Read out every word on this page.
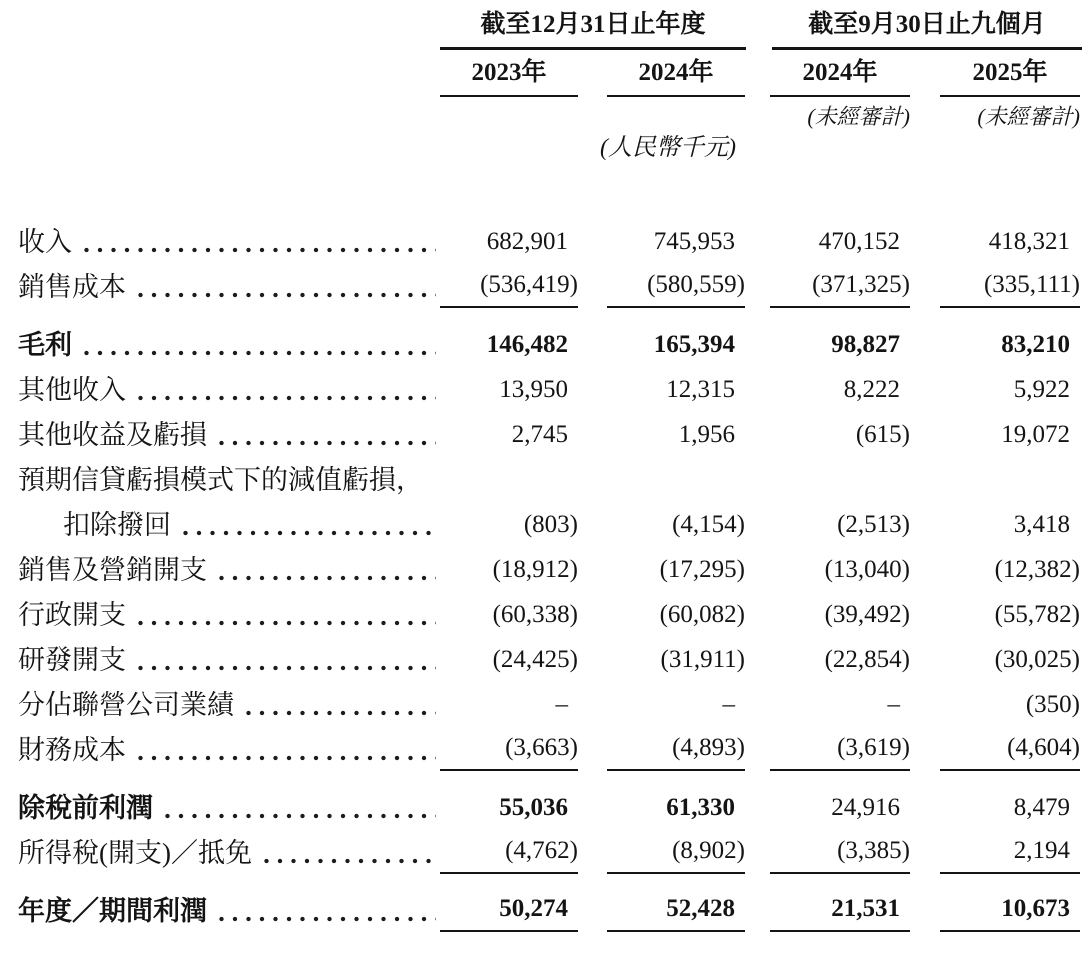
截至12月31日止年度	截至9月30日止九個月
2023年	2024年	2024年	2025年
(未經審計)	(未經審計)
(人民幣千元)
收入	682,901	745,953	470,152	418,321
銷售成本	(536,419)	(580,559)	(371,325)	(335,111)
毛利	146,482	165,394	98,827	83,210
其他收入	13,950	12,315	8,222	5,922
其他收益及虧損	2,745	1,956	(615)	19,072
預期信貸虧損模式下的減值虧損，
扣除撥回	(803)	(4,154)	(2,513)	3,418
銷售及營銷開支	(18,912)	(17,295)	(13,040)	(12,382)
行政開支	(60,338)	(60,082)	(39,492)	(55,782)
研發開支	(24,425)	(31,911)	(22,854)	(30,025)
分佔聯營公司業績	–	–	–	(350)
財務成本	(3,663)	(4,893)	(3,619)	(4,604)
除稅前利潤	55,036	61,330	24,916	8,479
所得稅(開支)／抵免	(4,762)	(8,902)	(3,385)	2,194
年度／期間利潤	50,274	52,428	21,531	10,673
